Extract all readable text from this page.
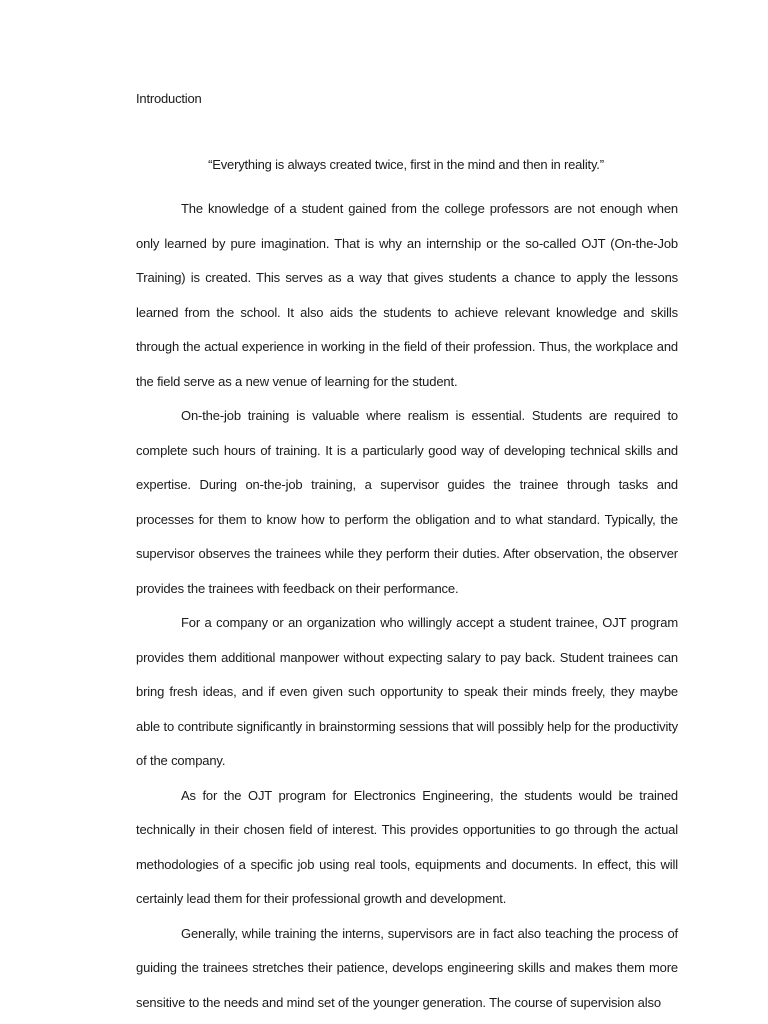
Introduction
“Everything is always created twice, first in the mind and then in reality.”

The knowledge of a student gained from the college professors are not enough when only learned by pure imagination. That is why an internship or the so-called OJT (On-the-Job Training) is created. This serves as a way that gives students a chance to apply the lessons learned from the school. It also aids the students to achieve relevant knowledge and skills through the actual experience in working in the field of their profession. Thus, the workplace and the field serve as a new venue of learning for the student.

On-the-job training is valuable where realism is essential. Students are required to complete such hours of training. It is a particularly good way of developing technical skills and expertise. During on-the-job training, a supervisor guides the trainee through tasks and processes for them to know how to perform the obligation and to what standard. Typically, the supervisor observes the trainees while they perform their duties. After observation, the observer provides the trainees with feedback on their performance.

For a company or an organization who willingly accept a student trainee, OJT program provides them additional manpower without expecting salary to pay back. Student trainees can bring fresh ideas, and if even given such opportunity to speak their minds freely, they maybe able to contribute significantly in brainstorming sessions that will possibly help for the productivity of the company.

As for the OJT program for Electronics Engineering, the students would be trained technically in their chosen field of interest. This provides opportunities to go through the actual methodologies of a specific job using real tools, equipments and documents. In effect, this will certainly lead them for their professional growth and development.

Generally, while training the interns, supervisors are in fact also teaching the process of guiding the trainees stretches their patience, develops engineering skills and makes them more sensitive to the needs and mind set of the younger generation. The course of supervision also
